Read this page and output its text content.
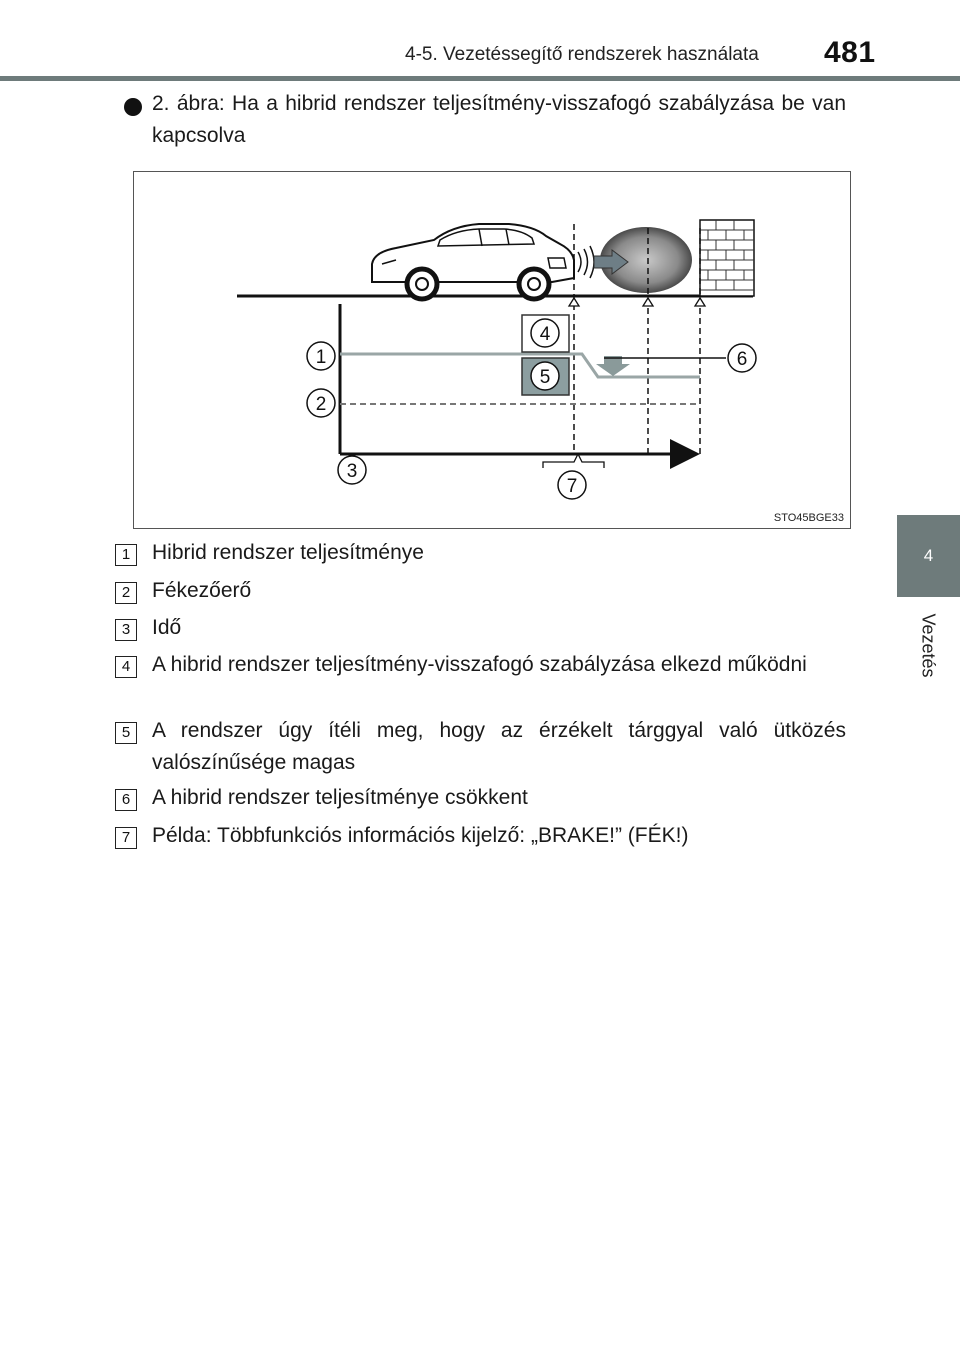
4-5. Vezetéssegítő rendszerek használata 481
4
Vezetés
2. ábra: Ha a hibrid rendszer teljesítmény-visszafogó szabályzása be van kapcsolva
1
2
3
4
5
6
7
STO45BGE33
1	Hibrid rendszer teljesítménye
2	Fékezőerő
3	Idő
4	A hibrid rendszer teljesítmény-visszafogó szabályzása elkezd működni
5	A rendszer úgy ítéli meg, hogy az érzékelt tárggyal való ütközés valószínűsége magas
6	A hibrid rendszer teljesítménye csökkent
7	Példa: Többfunkciós információs kijelző: „BRAKE!” (FÉK!)
